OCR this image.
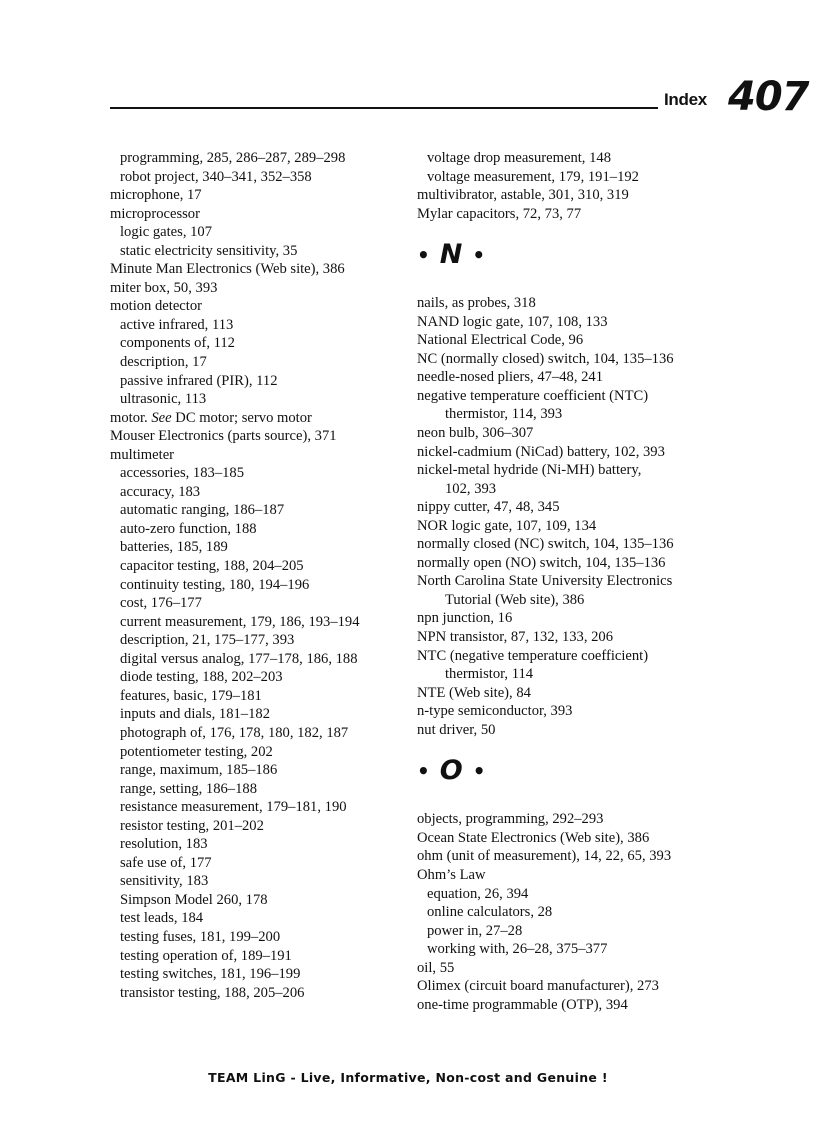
Index 407
programming, 285, 286–287, 289–298
robot project, 340–341, 352–358
microphone, 17
microprocessor
logic gates, 107
static electricity sensitivity, 35
Minute Man Electronics (Web site), 386
miter box, 50, 393
motion detector
active infrared, 113
components of, 112
description, 17
passive infrared (PIR), 112
ultrasonic, 113
motor. See DC motor; servo motor
Mouser Electronics (parts source), 371
multimeter
accessories, 183–185
accuracy, 183
automatic ranging, 186–187
auto-zero function, 188
batteries, 185, 189
capacitor testing, 188, 204–205
continuity testing, 180, 194–196
cost, 176–177
current measurement, 179, 186, 193–194
description, 21, 175–177, 393
digital versus analog, 177–178, 186, 188
diode testing, 188, 202–203
features, basic, 179–181
inputs and dials, 181–182
photograph of, 176, 178, 180, 182, 187
potentiometer testing, 202
range, maximum, 185–186
range, setting, 186–188
resistance measurement, 179–181, 190
resistor testing, 201–202
resolution, 183
safe use of, 177
sensitivity, 183
Simpson Model 260, 178
test leads, 184
testing fuses, 181, 199–200
testing operation of, 189–191
testing switches, 181, 196–199
transistor testing, 188, 205–206
voltage drop measurement, 148
voltage measurement, 179, 191–192
multivibrator, astable, 301, 310, 319
Mylar capacitors, 72, 73, 77
• N •
nails, as probes, 318
NAND logic gate, 107, 108, 133
National Electrical Code, 96
NC (normally closed) switch, 104, 135–136
needle-nosed pliers, 47–48, 241
negative temperature coefficient (NTC)
thermistor, 114, 393
neon bulb, 306–307
nickel-cadmium (NiCad) battery, 102, 393
nickel-metal hydride (Ni-MH) battery,
102, 393
nippy cutter, 47, 48, 345
NOR logic gate, 107, 109, 134
normally closed (NC) switch, 104, 135–136
normally open (NO) switch, 104, 135–136
North Carolina State University Electronics
Tutorial (Web site), 386
npn junction, 16
NPN transistor, 87, 132, 133, 206
NTC (negative temperature coefficient)
thermistor, 114
NTE (Web site), 84
n-type semiconductor, 393
nut driver, 50
• O •
objects, programming, 292–293
Ocean State Electronics (Web site), 386
ohm (unit of measurement), 14, 22, 65, 393
Ohm’s Law
equation, 26, 394
online calculators, 28
power in, 27–28
working with, 26–28, 375–377
oil, 55
Olimex (circuit board manufacturer), 273
one-time programmable (OTP), 394
TEAM LinG - Live, Informative, Non-cost and Genuine !
